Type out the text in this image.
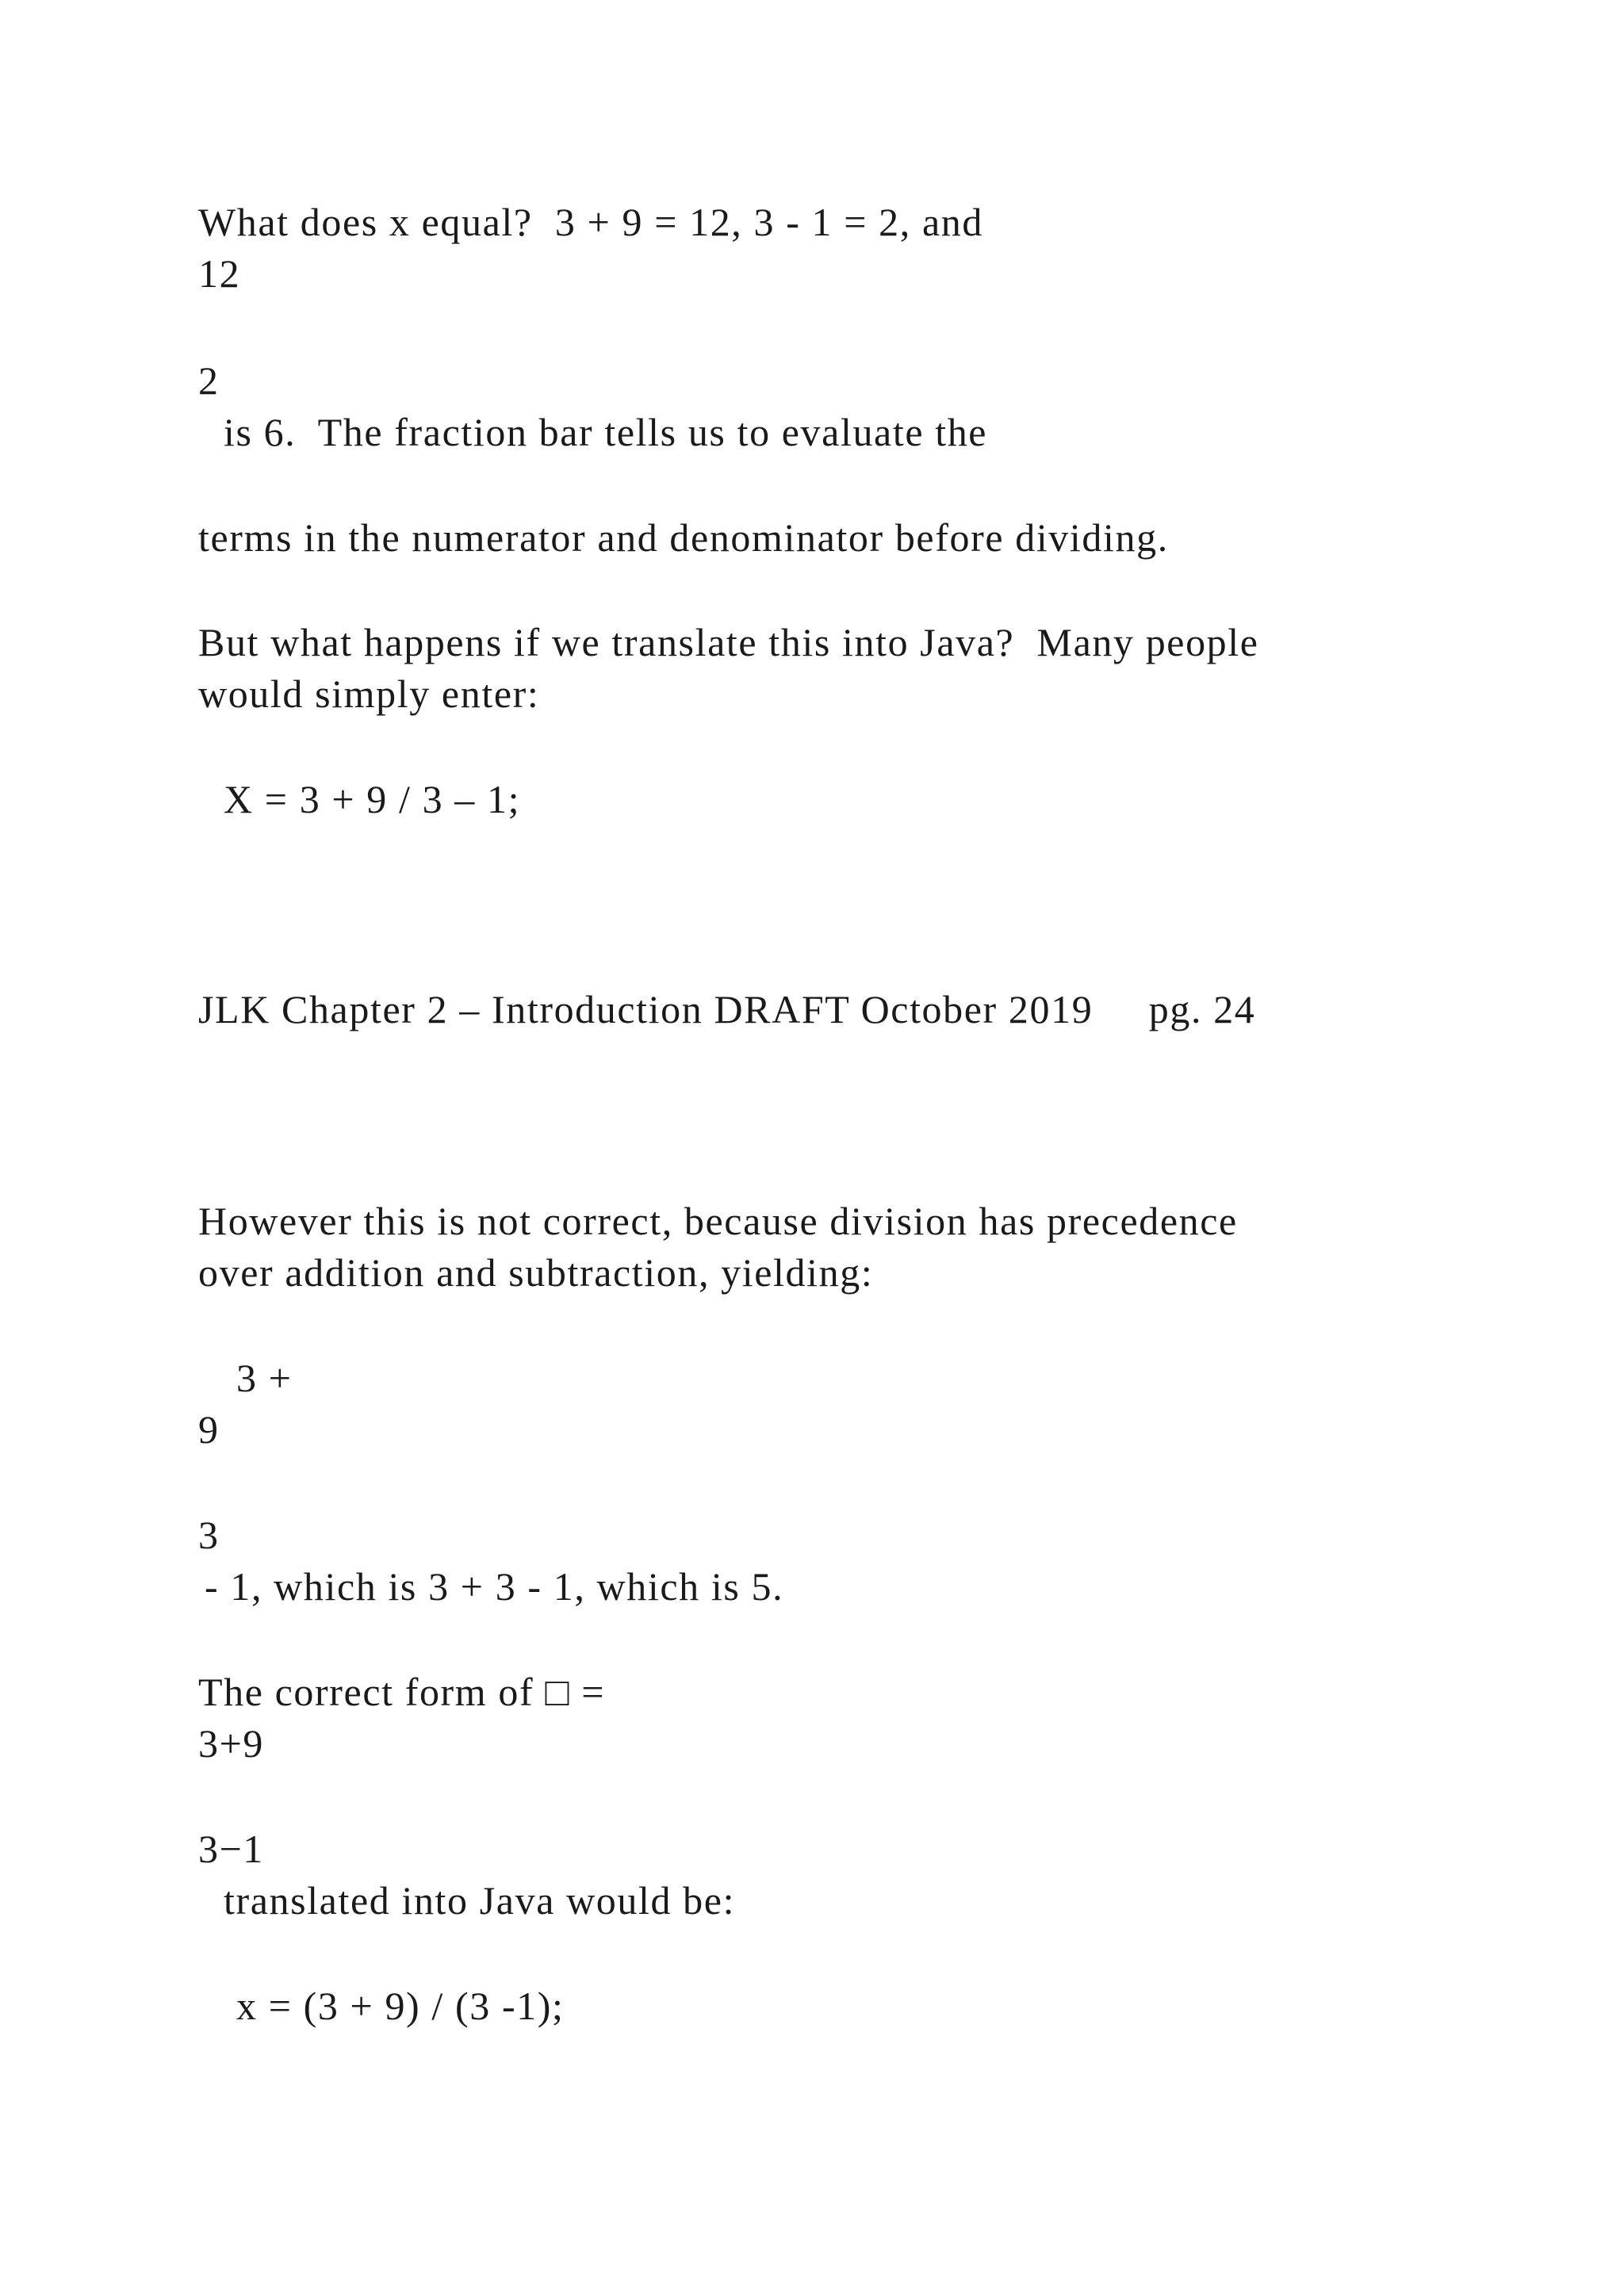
What does x equal?  3 + 9 = 12, 3 - 1 = 2, and

12

2

is 6.  The fraction bar tells us to evaluate the

terms in the numerator and denominator before dividing.

But what happens if we translate this into Java?  Many people

would simply enter:

X = 3 + 9 / 3 – 1;

JLK Chapter 2 – Introduction DRAFT October 2019     pg. 24

However this is not correct, because division has precedence

over addition and subtraction, yielding:

3 +

9

3

- 1, which is 3 + 3 - 1, which is 5.

The correct form of □ =

3+9

3−1

translated into Java would be:

x = (3 + 9) / (3 -1);
